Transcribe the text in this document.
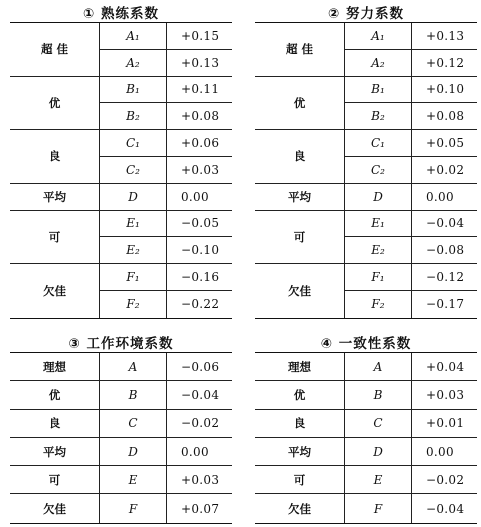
① 熟练系数
超 佳
A₁	+0.15
A₂	+0.13
优
B₁	+0.11
B₂	+0.08
良
C₁	+0.06
C₂	+0.03
平均	D	0.00
可
E₁	−0.05
E₂	−0.10
欠佳
F₁	−0.16
F₂	−0.22
② 努力系数
超 佳
A₁	+0.13
A₂	+0.12
优
B₁	+0.10
B₂	+0.08
良
C₁	+0.05
C₂	+0.02
平均	D	0.00
可
E₁	−0.04
E₂	−0.08
欠佳
F₁	−0.12
F₂	−0.17
③ 工作环境系数
理想	A	−0.06
优	B	−0.04
良	C	−0.02
平均	D	0.00
可	E	+0.03
欠佳	F	+0.07
④ 一致性系数
理想	A	+0.04
优	B	+0.03
良	C	+0.01
平均	D	0.00
可	E	−0.02
欠佳	F	−0.04
